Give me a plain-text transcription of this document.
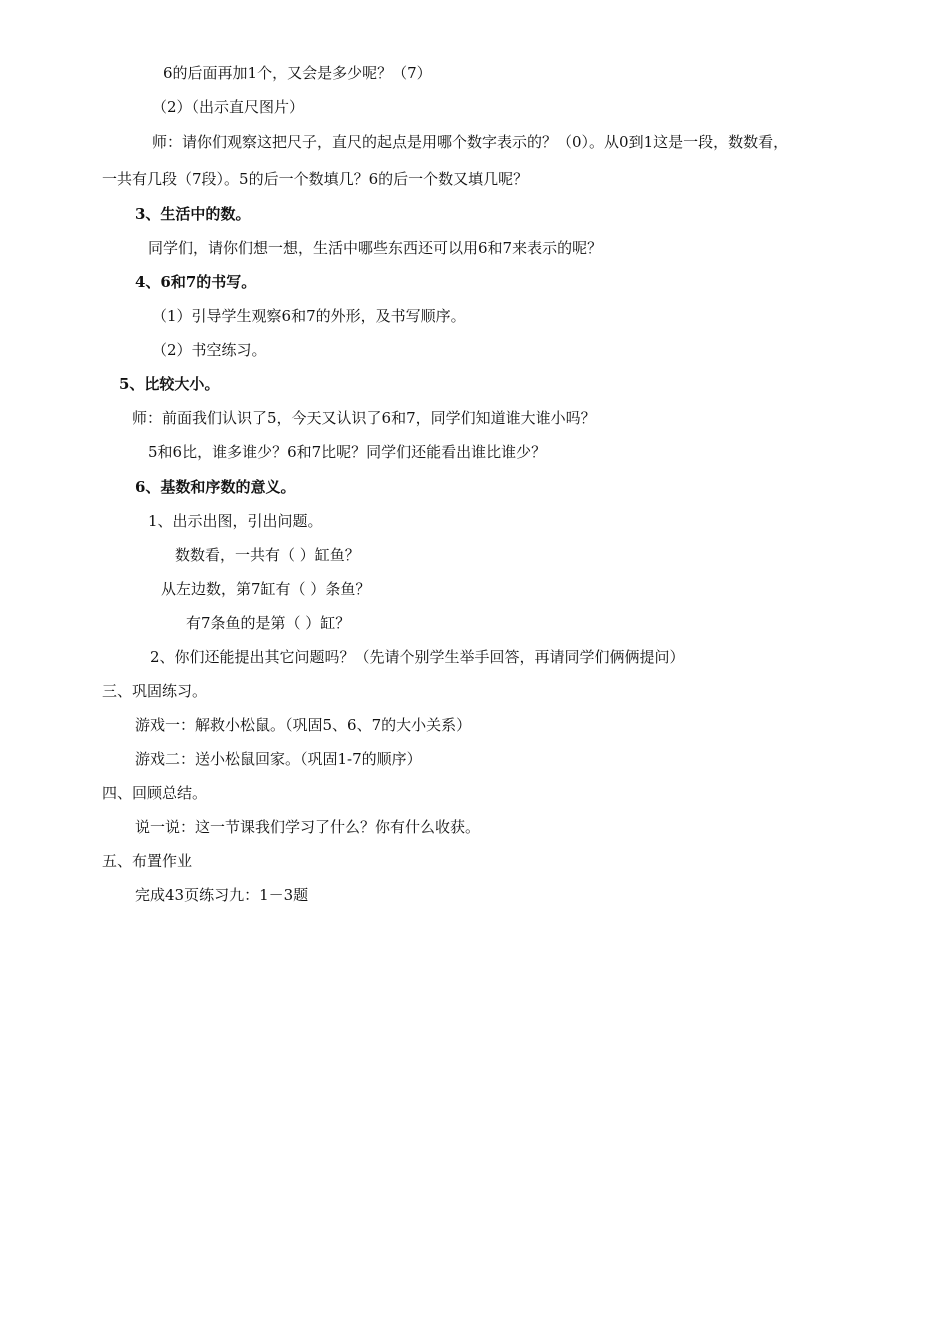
6的后面再加1个，又会是多少呢？（7）
（2）（出示直尺图片）
师：请你们观察这把尺子，直尺的起点是用哪个数字表示的？（0）。从0到1这是一段，数数看，
一共有几段（7段）。5的后一个数填几？6的后一个数又填几呢？
3、生活中的数。
同学们，请你们想一想，生活中哪些东西还可以用6和7来表示的呢？
4、6和7的书写。
（1）引导学生观察6和7的外形，及书写顺序。
（2）书空练习。
5、比较大小。
师：前面我们认识了5，今天又认识了6和7，同学们知道谁大谁小吗？
5和6比，谁多谁少？6和7比呢？同学们还能看出谁比谁少？
6、基数和序数的意义。
1、出示出图，引出问题。
数数看，一共有（ ）缸鱼？
从左边数，第7缸有（ ）条鱼？
有7条鱼的是第（ ）缸？
2、你们还能提出其它问题吗？（先请个别学生举手回答，再请同学们俩俩提问）
三、巩固练习。
游戏一：解救小松鼠。（巩固5、6、7的大小关系）
游戏二：送小松鼠回家。（巩固1-7的顺序）
四、回顾总结。
说一说：这一节课我们学习了什么？你有什么收获。
五、布置作业
完成43页练习九：1－3题
